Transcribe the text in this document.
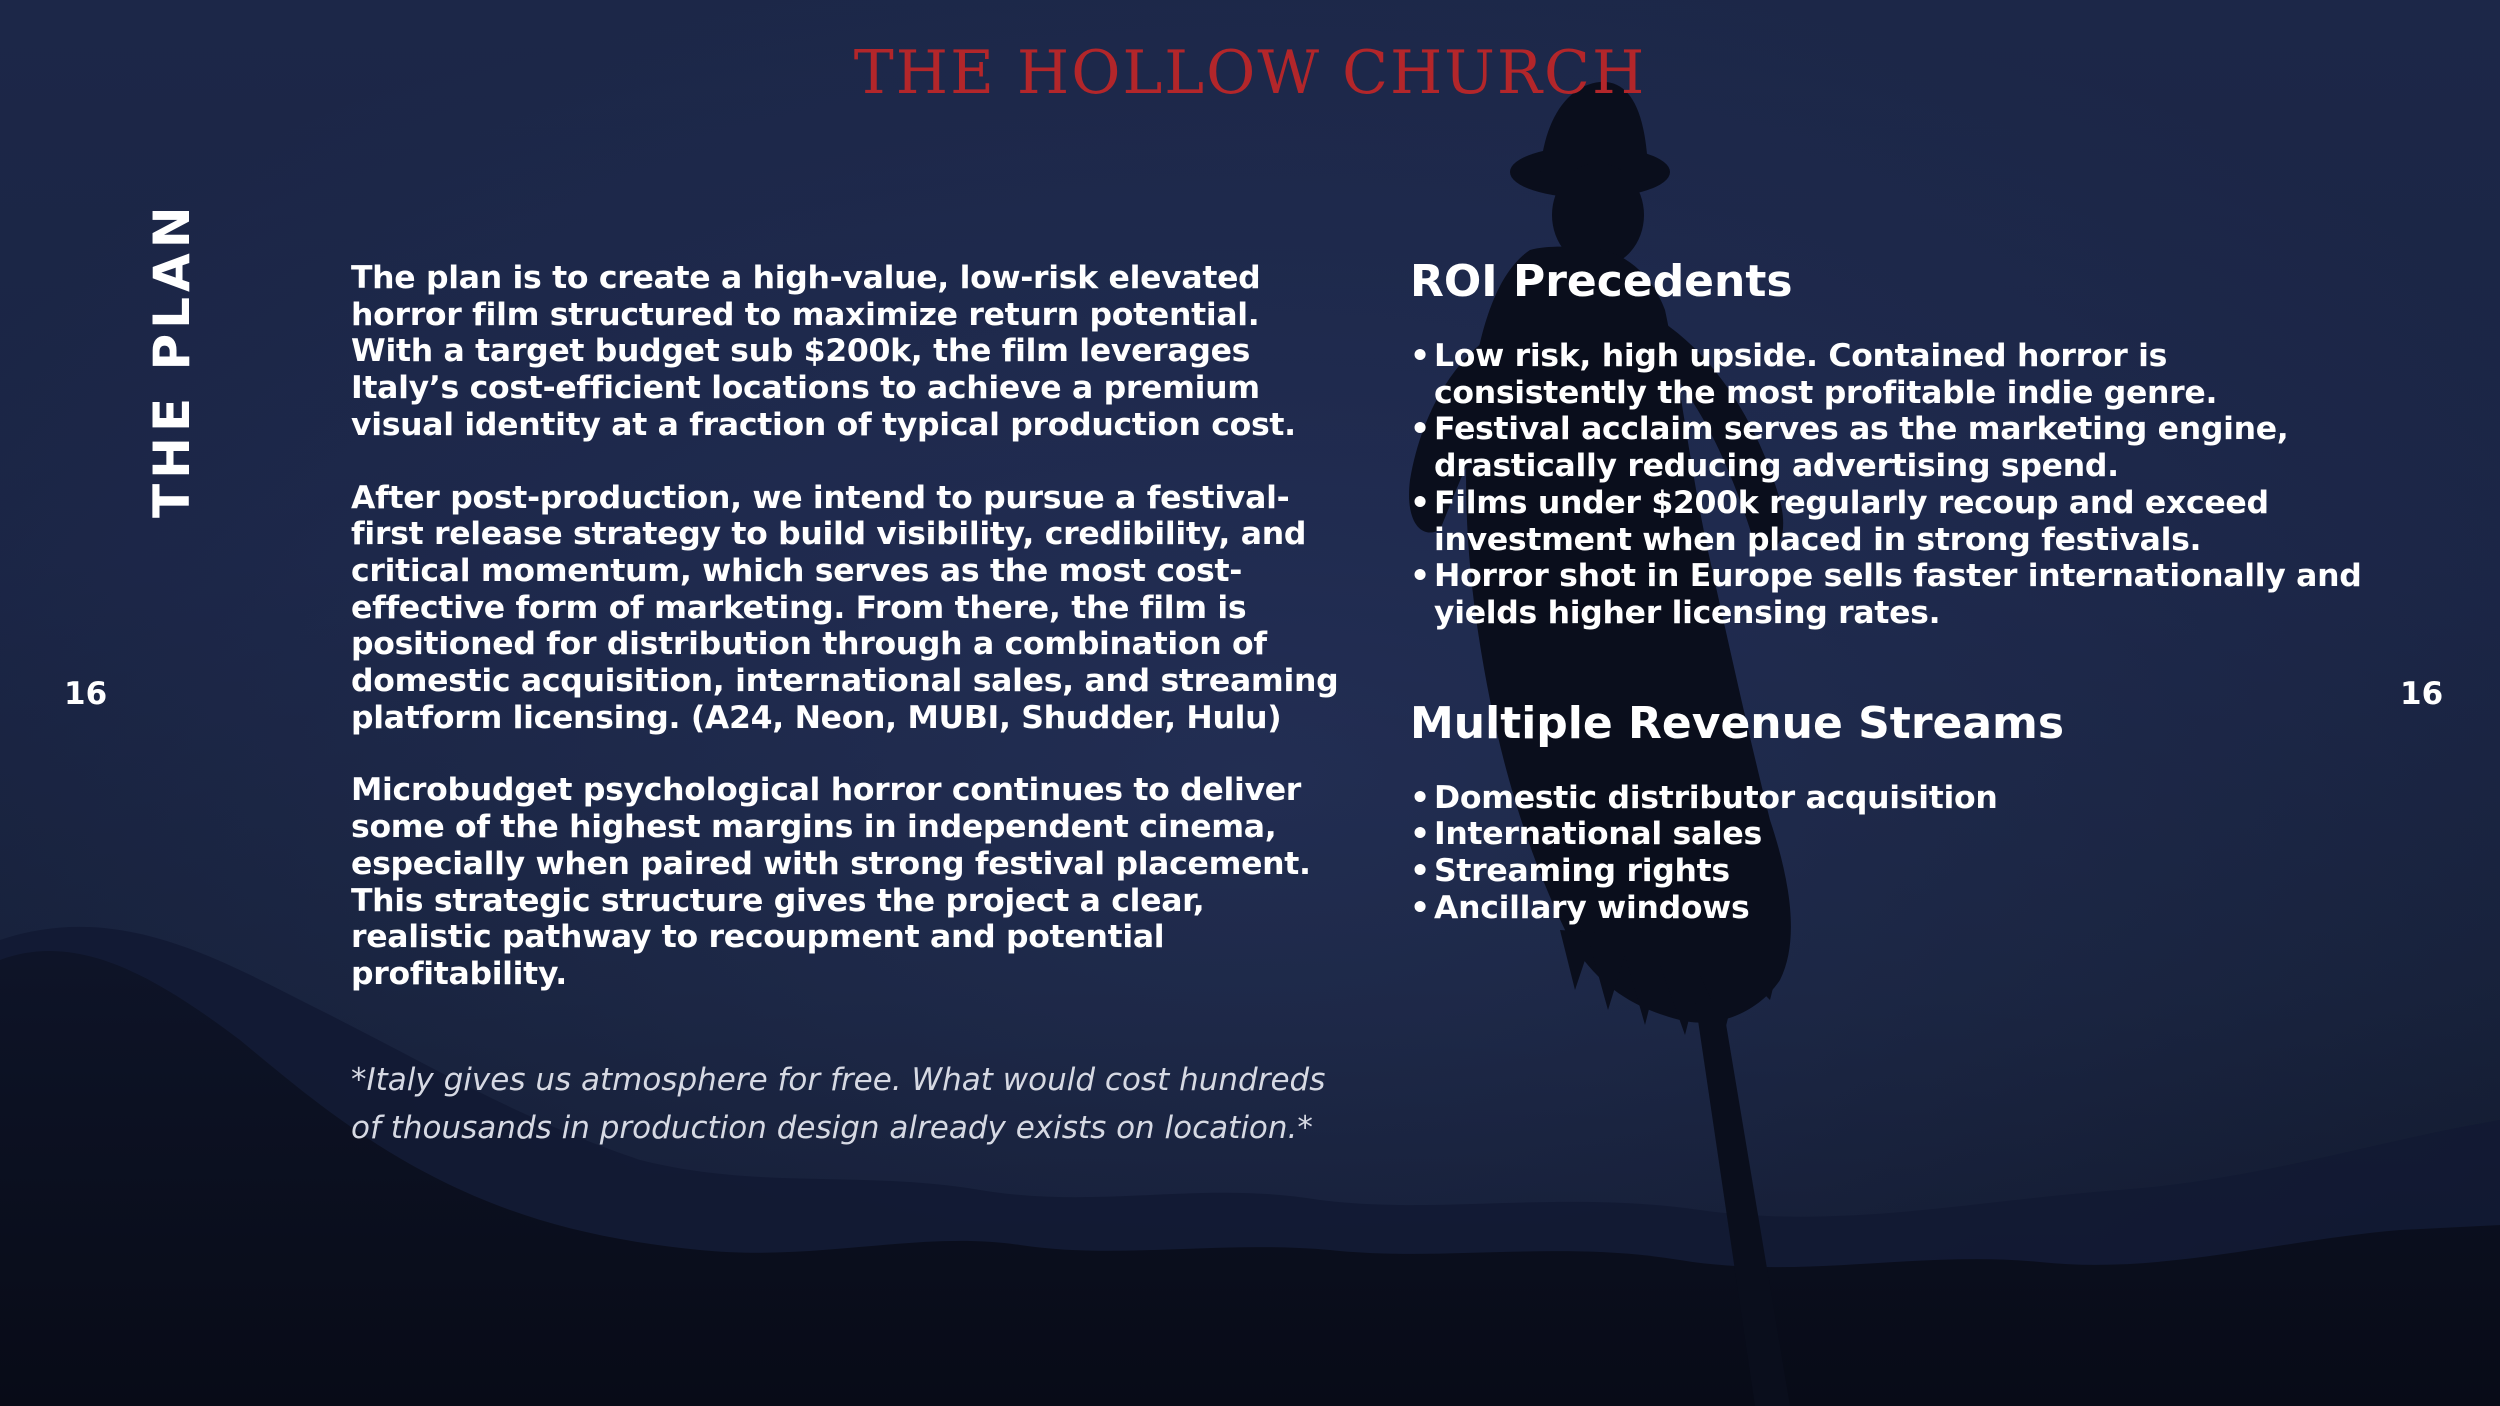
THE HOLLOW CHURCH
THE PLAN
16	16

The plan is to create a high-value, low-risk elevated horror film structured to maximize return potential. With a target budget sub $200k, the film leverages Italy’s cost-efficient locations to achieve a premium visual identity at a fraction of typical production cost.

After post-production, we intend to pursue a festival-first release strategy to build visibility, credibility, and critical momentum, which serves as the most cost-effective form of marketing. From there, the film is positioned for distribution through a combination of domestic acquisition, international sales, and streaming platform licensing. (A24, Neon, MUBI, Shudder, Hulu)

Microbudget psychological horror continues to deliver some of the highest margins in independent cinema, especially when paired with strong festival placement. This strategic structure gives the project a clear, realistic pathway to recoupment and potential profitability.

*Italy gives us atmosphere for free. What would cost hundreds of thousands in production design already exists on location.*

ROI Precedents
• Low risk, high upside. Contained horror is consistently the most profitable indie genre.
• Festival acclaim serves as the marketing engine, drastically reducing advertising spend.
• Films under $200k regularly recoup and exceed investment when placed in strong festivals.
• Horror shot in Europe sells faster internationally and yields higher licensing rates.
Multiple Revenue Streams
• Domestic distributor acquisition
• International sales
• Streaming rights
• Ancillary windows
